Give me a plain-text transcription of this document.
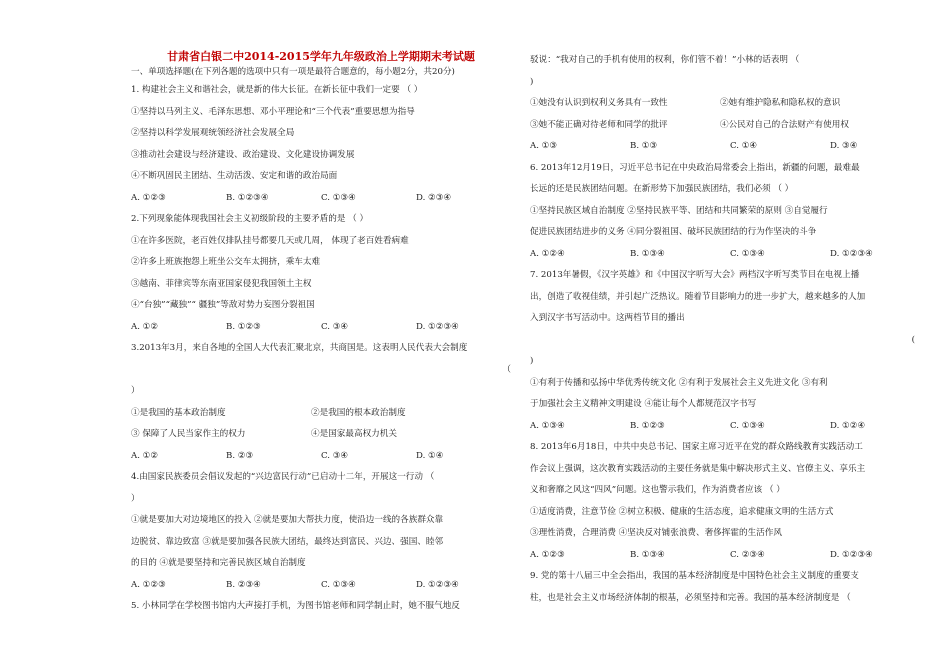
甘肃省白银二中2014-2015学年九年级政治上学期期末考试题
一、单项选择题(在下列各题的选项中只有一项是最符合题意的，每小题2分，共20分)
1. 构建社会主义和谐社会，就是新的伟大长征。在新长征中我们一定要 （ ）
①坚持以马列主义、毛泽东思想、邓小平理论和“三个代表”重要思想为指导
②坚持以科学发展观统领经济社会发展全局
③推动社会建设与经济建设、政治建设、文化建设协调发展
④不断巩固民主团结、生动活泼、安定和谐的政治局面
A. ①②③	B. ①②③④	C. ①③④	D. ②③④
2.下列现象能体现我国社会主义初级阶段的主要矛盾的是 （ ）
①在许多医院，老百姓仅排队挂号都要几天或几周， 体现了老百姓看病难
②许多上班族抱怨上班坐公交车太拥挤，乘车太难
③越南、菲律宾等东南亚国家侵犯我国领土主权
④“台独”“藏独”“ 疆独”等敌对势力妄图分裂祖国
A. ①②	B. ①②③	C. ③④	D. ①②③④
3.2013年3月，来自各地的全国人大代表汇聚北京，共商国是。这表明人民代表大会制度
（
）
①是我国的基本政治制度	②是我国的根本政治制度
③ 保障了人民当家作主的权力	④是国家最高权力机关
A. ①②	B. ②③	C. ③④	D. ①④
4.由国家民族委员会倡议发起的“兴边富民行动”已启动十二年，开展这一行动 （
）
①就是要加大对边境地区的投入 ②就是要加大帮扶力度，使沿边一线的各族群众靠
边脱贫、靠边致富 ③就是要加强各民族大团结，最终达到富民、兴边、强国、睦邻
的目的 ④就是要坚持和完善民族区域自治制度
A. ①②③	B. ②③④	C. ①③④	D. ①②③④
5. 小林同学在学校图书馆内大声接打手机，为图书馆老师和同学制止时，她不服气地反
驳说：“我对自己的手机有使用的权利，你们管不着！”小林的话表明 （
)
①她没有认识到权利义务具有一致性	②她有维护隐私和隐私权的意识
③她不能正确对待老师和同学的批评	④公民对自己的合法财产有使用权
A. ①③	B. ①③	C. ①④	D. ③④
6. 2013年12月19日，习近平总书记在中央政治局常委会上指出，新疆的问题，最难最
长远的还是民族团结问题。在新形势下加强民族团结，我们必须 （ ）
①坚持民族区域自治制度 ②坚持民族平等、团结和共同繁荣的原则 ③自觉履行
促进民族团结进步的义务 ④同分裂祖国、破坏民族团结的行为作坚决的斗争
A. ①②④	B. ①③④	C. ①③④	D. ①②③④
7. 2013年暑假，《汉字英雄》和《中国汉字听写大会》两档汉字听写类节目在电视上播
出，创造了收视佳绩，并引起广泛热议。随着节目影响力的进一步扩大，越来越多的人加
入到汉字书写活动中。这两档节目的播出
(
)
①有利于传播和弘扬中华优秀传统文化 ②有利于发展社会主义先进文化 ③有利
于加强社会主义精神文明建设 ④能让每个人都规范汉字书写
A. ①③④	B. ①②③	C. ①③④	D. ①②④
8. 2013年6月18日，中共中央总书记、国家主席习近平在党的群众路线教育实践活动工
作会议上强调，这次教育实践活动的主要任务就是集中解决形式主义、官僚主义、享乐主
义和奢靡之风这“四风”问题。这也警示我们，作为消费者应该 （ ）
①适度消费，注意节俭 ②树立积极、健康的生活态度，追求健康文明的生活方式
③理性消费，合理消费 ④坚决反对铺张浪费、奢侈挥霍的生活作风
A. ①②③	B. ①③④	C. ②③④	D. ①②③④
9. 党的第十八届三中全会指出，我国的基本经济制度是中国特色社会主义制度的重要支
柱，也是社会主义市场经济体制的根基，必须坚持和完善。我国的基本经济制度是 （
